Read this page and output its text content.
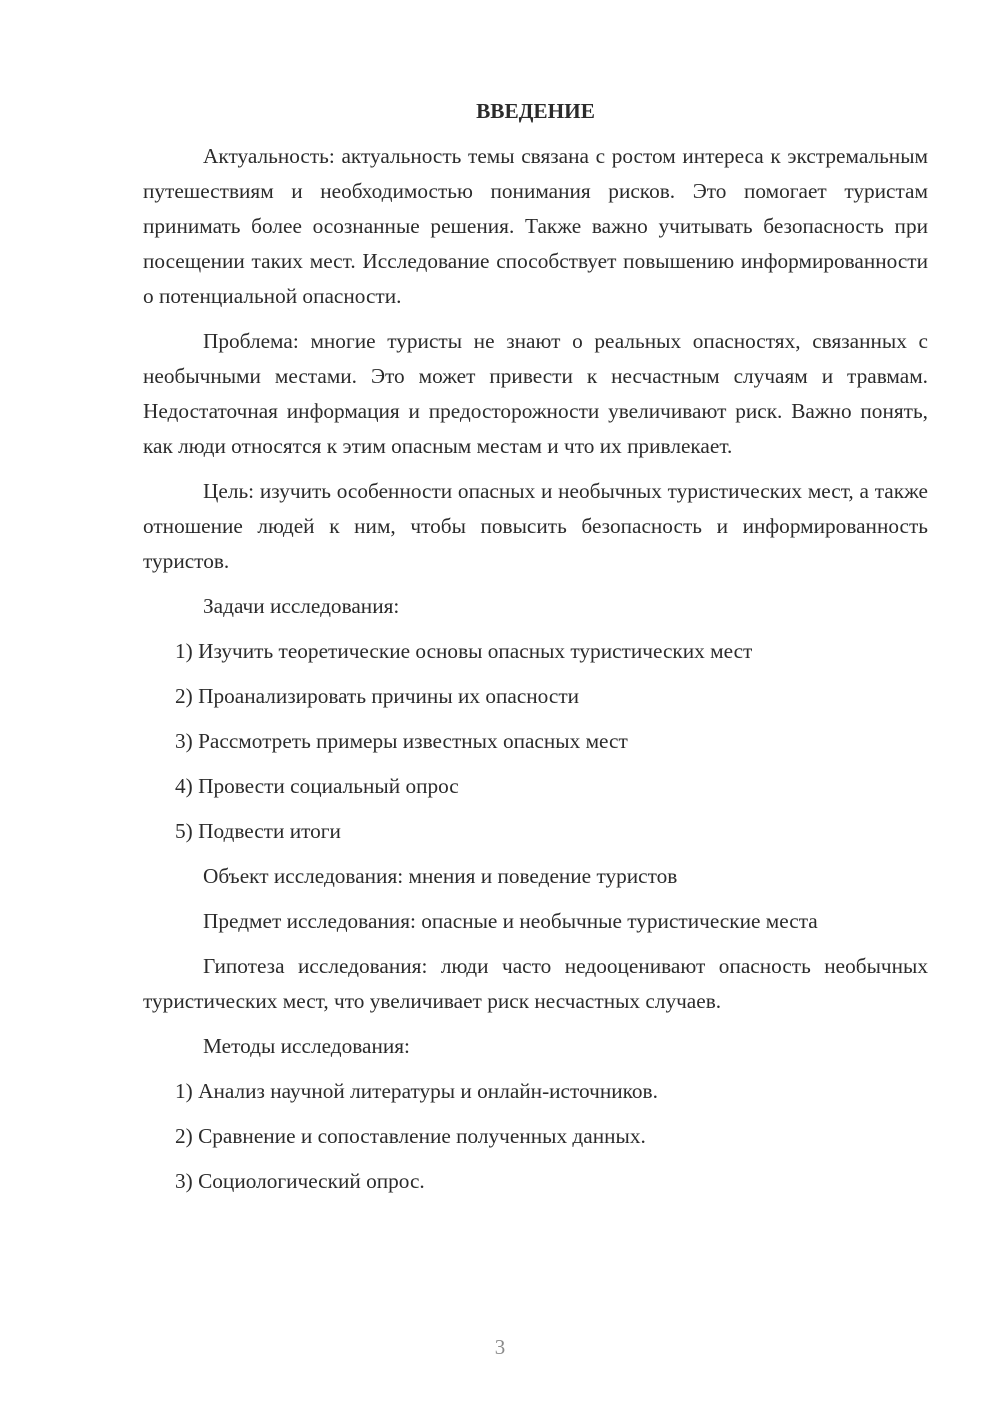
ВВЕДЕНИЕ

Актуальность: актуальность темы связана с ростом интереса к экстремальным путешествиям и необходимостью понимания рисков. Это помогает туристам принимать более осознанные решения. Также важно учитывать безопасность при посещении таких мест. Исследование способствует повышению информированности о потенциальной опасности.

Проблема: многие туристы не знают о реальных опасностях, связанных с необычными местами. Это может привести к несчастным случаям и травмам. Недостаточная информация и предосторожности увеличивают риск. Важно понять, как люди относятся к этим опасным местам и что их привлекает.

Цель: изучить особенности опасных и необычных туристических мест, а также отношение людей к ним, чтобы повысить безопасность и информированность туристов.

Задачи исследования:

1) Изучить теоретические основы опасных туристических мест

2) Проанализировать причины их опасности

3) Рассмотреть примеры известных опасных мест

4) Провести социальный опрос

5) Подвести итоги

Объект исследования: мнения и поведение туристов

Предмет исследования: опасные и необычные туристические места

Гипотеза исследования: люди часто недооценивают опасность необычных туристических мест, что увеличивает риск несчастных случаев.

Методы исследования:

1) Анализ научной литературы и онлайн-источников.

2) Сравнение и сопоставление полученных данных.

3) Социологический опрос.

3
